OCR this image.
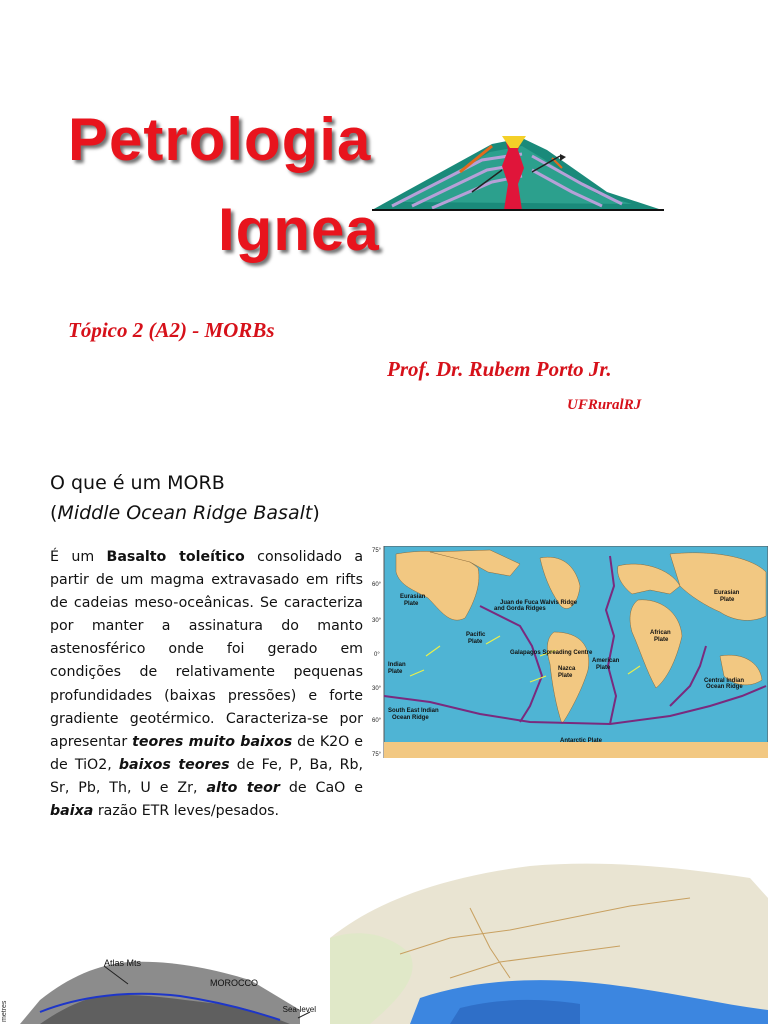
Petrologia
Ignea
Tópico 2 (A2) - MORBs
Prof. Dr. Rubem Porto Jr.
UFRuralRJ
O que é um MORB
(Middle Ocean Ridge Basalt)

É um Basalto toleítico consolidado a partir de um magma extravasado em rifts de cadeias meso-oceânicas. Se caracteriza por manter a assinatura do manto astenosférico onde foi gerado em condições de relativamente pequenas profundidades (baixas pressões) e forte gradiente geotérmico. Caracteriza-se por apresentar teores muito baixos de K2O e de TiO2, baixos teores de Fe, P, Ba, Rb, Sr, Pb, Th, U e Zr, alto teor de CaO e baixa razão ETR leves/pesados.

75°
60°
30°
0°
30°
60°
75°
Eurasian
Plate	Juan de Fuca
and Gorda Ridges
Walvis Ridge
Eurasian
Plate
Pacific
Plate
Galapagos Spreading Centre
African
Plate
Indian
Plate	Nazca
Plate
American
Plate
Central Indian
Ocean Ridge
South East Indian
Ocean Ridge
Antarctic Plate
Atlas Mts
MOROCCO
Sea-level
metres
